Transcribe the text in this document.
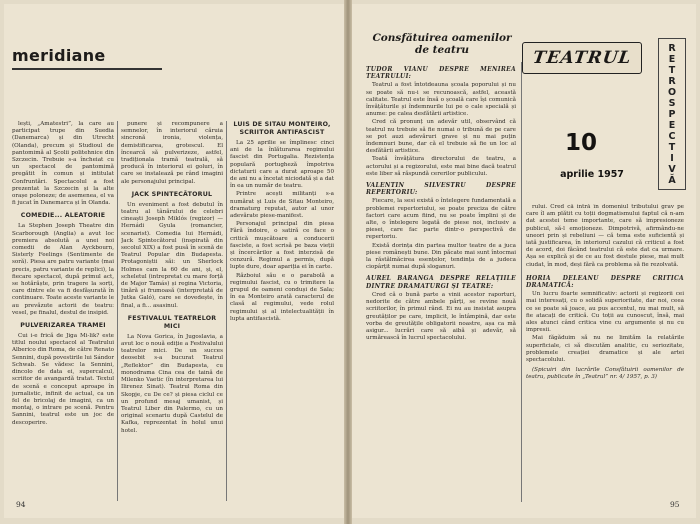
meridiane

lești, „Amatestri”, la care au participat trupe din Suedia (Danemarca) și din Utrecht (Olanda), precum și Studioul de pantomimă al Școlii politehnice din Szczecin. Trebuie s-a încheiat cu un spectacol de pantomimă pregătit în comun și intitulat Confruntări. Spectacolul a fost prezentat la Szczecin și la alte orașe poloneze; de asemenea, el va fi jucat în Danemarca și în Olanda.

COMEDIE... ALEATORIE

La Stephen Joseph Theatre din Scarborough (Anglia) a avut loc premiera absolută a unei noi comedii de Alan Ayckbourn, Sisterly Feelings (Sentimente de soră). Piesa are patru variante (mai precis, patru variante de replici), la fiecare spectacol, după primul act, se hotărăște, prin tragere la sorți, care dintre ele va fi desfășurată în continuare. Toate aceste variante le au prevăzute actorii de teatru: vesel, pe finalul, destul de insipid.

PULVERIZAREA TRAMEI

Cui i-e frică de Jiga Mi-lik? este titlul noului spectacol al Teatrului Alberico din Roma, de către Renato Sennini, după povestirile lui Sándor Schwab. Se vădesc la Sennini, dincolo de data ei, supercalcul, scriitor de avangardă tratat. Textul de scenă e conceput aproape în jurnalistic, infinit de actual, ca un fel de bricolaj de imagini, ca un montaj, o intrare pe scenă. Pentru Sannini, teatrul este un joc de descoperire.

punere și recompunere a semnelor, în interiorul căruia sincronă ironia, violența, demistificarea, grotescul. El încearcă să pulverizeze, astfel, tradiționala tramă teatrală, să producă în interiorul ei goluri, în care se instalează pe rând imagini ale personajului principal.

JACK SPINTECĂTORUL

Un eveniment a fost debutul în teatru al tânărului de celebri cineaști Joseph Miklós (regizor) — Hernádi Gyula (romancier, scenarist). Comedia lui Hernádi, Jack Spintecătorul (inspirată din secolul XIX) a fost pusă în scenă de Teatrul Popular din Budapesta. Protagoniștii săi: un Sherlock Holmes cam la 60 de ani, și, el, scheletul (intrepretat cu mare forță de Major Tamás) și regina Victoria, tinără și frumoasă (interpretată de Jutka Galó), care se dovedește, în final, a fi... asasinul.

FESTIVALUL TEATRELOR MICI

La Nova Gorica, în Jugoslavia, a avut loc o nouă ediție a Festivalului teatrelor mici. De un succes deosebit s-a bucurat Teatrul „Reflektor” din Budapesta, cu monodrama Cina cea de taină de Milenko Vaetic (în interpretarea lui Ilirenez Sinat). Teatrul Roma din Skopje, cu De ce? și piesa ciclul ce un profund mesaj umanist, și Teatrul Liber din Palermo, cu un original scenariu după Castelul de Kafka, reprezentat în holul unui hotel.

LUIS DE SITAU MONTEIRO, SCRIITOR ANTIFASCIST

La 25 aprilie se împlinesc cinci ani de la înlăturarea regimului fascist din Portugalia. Rezistența populară portugheză împotriva dictaturii care a durat aproape 50 de ani nu a încetat niciodată și a dat în ea un număr de teatru.

Printre acești militanți s-a numărat și Luis de Sitau Monteiro, dramaturg reputat, autor al unor adevărate piese-manifest.

Personajul principal din piesa Fără îndoire, o satiră ce face o critică mușcătoare a conducerii fasciste, a fost scrisă pe baza vieții și încercărilor a fost interzisă de cenzură. Regimul a permis, după lupte dure, doar apariția ei în carte.

Războiul său e o parabolă a regimului fascist, cu o trimitere la grupul de oameni conduși de Sala; în ea Monteiro arată caracterul de clasă al regimului, vede rolul regimului și al intelectualității în lupta antifascistă.

94
Consfătuirea oamenilor
de teatru	TEATRUL	RETROSPECTIVĂ
10
aprilie 1957
TUDOR VIANU DESPRE MENIREA TEATRULUI:

Teatrul a fost întotdeauna școala poporului și nu se poate să nu-i se recunoască, astfel, această calitate. Teatrul este însă o școală care își comunică învățăturile și îndemnurile lui pe o cale specială și anume: pe calea desfătării artistice.

Cred că pronunț un adevăr util, observând că teatrul nu trebuie să fie numai o tribună de pe care se pot auzi adevăruri grave și nu mai puțin îndemnuri bune, dar că el trebuie să fie un loc al desfătării artistice.

Toată învățătura directorului de teatru, a actorului și a regizorului, este mai bine dacă teatrul este liber să răspundă cererilor publicului.

VALENTIN SILVESTRU DESPRE REPERTORIU:

Fiecare, la sesi există o întelegere fundamentală a problemei repertoriului, se poate preciza de către factori care acum fiind, nu se poate împlini și de alte, o întelegere legată de piese noi, inclusiv a piesei, care fac parte dintr-o perspectivă de repertoriu.

Există dorința din partea multor teatre de a juca piese românești bune. Din păcate mai sunt întocmai la răstălmăcirea esențelor, tendința de a judeca ciopârțit numai după sloganuri.

AUREL BARANGA DESPRE RELAȚIILE DINTRE DRAMATURGI ȘI TEATRE:

Cred că o bună parte a vinii acestor raporturi, nedorite de către ambele părți, se revine nouă scriitorilor, în primul rând. Ei nu au insistat asupra greutăților pe care, implicit, le întâmpină, dar este vorba de greutățile obligatorii noastre, așa ca mă asigur... lucrări care să aibă și adevăr, să urmărească în lucrul spectacolului.

rului. Cred că intră în domeniul tributului grav pe care îl am plătit cu toții dogmatismului faptul că n-am dat acestei teme importante, care să impresioneze publicul, să-l emoționeze. Dimpotrivă, afirmându-ne uneori prin și rebeliuni — că tema este suficientă și iată justificarea, în interiorul cazului că criticul a fost de acord, doi făcând teatrului că este dat ca urmare. Așa se explică și de ce au fost destule piese, mai mult ciudat, în mod, deși fără ca problema să fie rezolvată.

HORIA DELEANU DESPRE CRITICA DRAMATICĂ:

Un lucru foarte semnificativ: actorii și regizorii cei mai interesați, cu o solidă superioritate, dar noi, ceea ce se poate să joace, au pus accentul, nu mai mult, să fie atacați de critică. Cu toții au cunoscut, însă, mai ales atunci când critica vine cu argumente și nu cu impresii.

Mai făgăduim să nu ne limităm la relatările superficiale, ci să discutăm analitic, cu seriozitate, problemele creației dramatice și ale artei spectacolului.

(Spicuiri din lucrările Consfătuirii oamenilor de teatru, publicate în „Teatrul” nr. 4/ 1957, p. 3)

95
